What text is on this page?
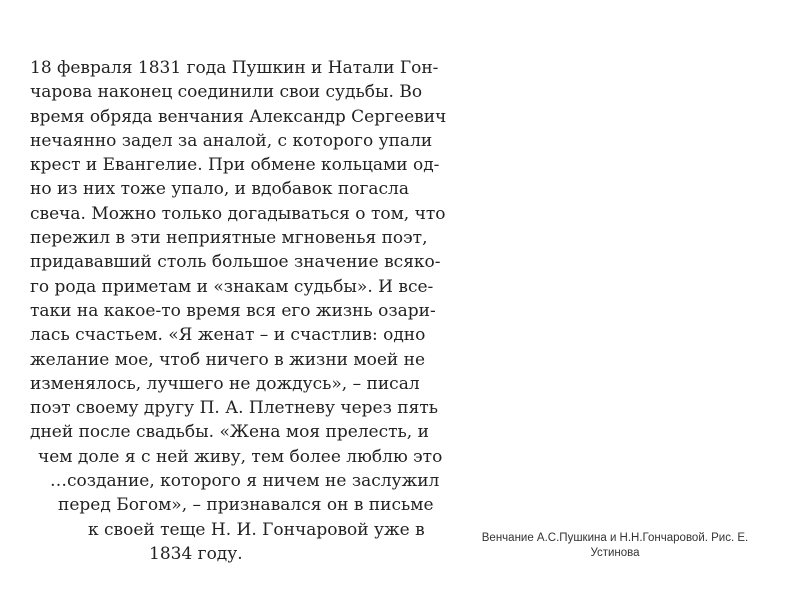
18 февраля 1831 года Пушкин и Натали Гон-
чарова наконец соединили свои судьбы. Во
время обряда венчания Александр Сергеевич
нечаянно задел за аналой, с которого упали
крест и Евангелие. При обмене кольцами од-
но из них тоже упало, и вдобавок погасла
свеча. Можно только догадываться о том, что
пережил в эти неприятные мгновенья поэт,
придававший столь большое значение всяко-
го рода приметам и «знакам судьбы». И все-
таки на какое-то время вся его жизнь озари-
лась счастьем. «Я женат – и счастлив: одно
желание мое, чтоб ничего в жизни моей не
изменялось, лучшего не дождусь», – писал
поэт своему другу П. А. Плетневу через пять
дней после свадьбы. «Жена моя прелесть, и
чем доле я с ней живу, тем более люблю это
…создание, которого я ничем не заслужил
перед Богом», – признавался он в письме
к своей теще Н. И. Гончаровой уже в
1834 году.
Венчание А.С.Пушкина и Н.Н.Гончаровой. Рис. Е.
Устинова
